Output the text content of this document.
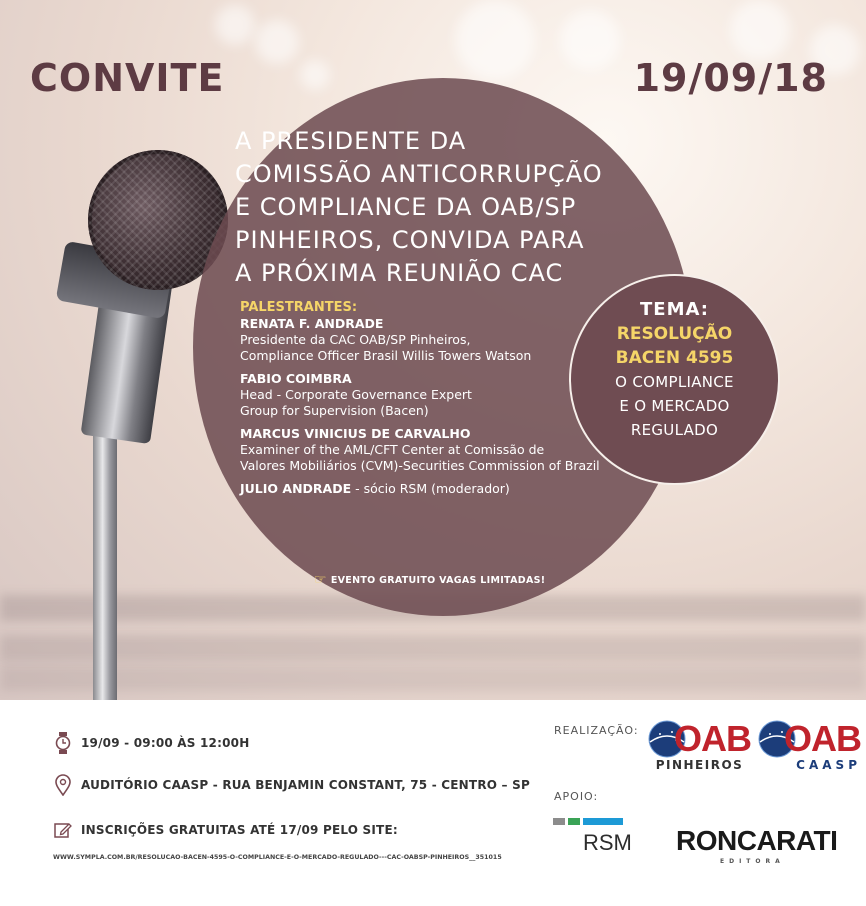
CONVITE	19/09/18
A PRESIDENTE DA
COMISSÃO ANTICORRUPÇÃO
E COMPLIANCE DA OAB/SP
PINHEIROS, CONVIDA PARA
A PRÓXIMA REUNIÃO CAC
PALESTRANTES:
RENATA F. ANDRADE
Presidente da CAC OAB/SP Pinheiros,
Compliance Officer Brasil Willis Towers Watson
FABIO COIMBRA
Head - Corporate Governance Expert
Group for Supervision (Bacen)
MARCUS VINICIUS DE CARVALHO
Examiner of the AML/CFT Center at Comissão de
Valores Mobiliários (CVM)-Securities Commission of Brazil
JULIO ANDRADE - sócio RSM (moderador)
☞ EVENTO GRATUITO VAGAS LIMITADAS!
TEMA:
RESOLUÇÃO
BACEN 4595
O COMPLIANCE
E O MERCADO
REGULADO
19/09 - 09:00 ÀS 12:00H
AUDITÓRIO CAASP - RUA BENJAMIN CONSTANT, 75 - CENTRO – SP
INSCRIÇÕES GRATUITAS ATÉ 17/09 PELO SITE:
WWW.SYMPLA.COM.BR/RESOLUCAO-BACEN-4595-O-COMPLIANCE-E-O-MERCADO-REGULADO---CAC-OABSP-PINHEIROS__351015
REALIZAÇÃO:
APOIO:
OAB
PINHEIROS
OAB
CAASP
RSM RONCARATI
EDITORA
